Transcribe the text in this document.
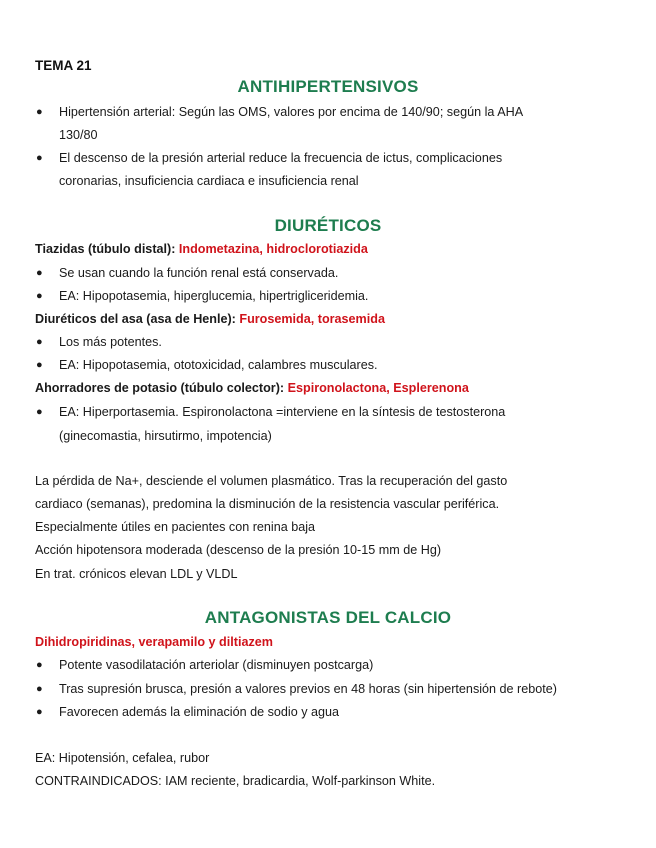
TEMA 21
ANTIHIPERTENSIVOS
● Hipertensión arterial: Según las OMS, valores por encima de 140/90; según la AHA
130/80
● El descenso de la presión arterial reduce la frecuencia de ictus, complicaciones
coronarias, insuficiencia cardiaca e insuficiencia renal
DIURÉTICOS
Tiazidas (túbulo distal): Indometazina, hidroclorotiazida
● Se usan cuando la función renal está conservada.
● EA: Hipopotasemia, hiperglucemia, hipertrigliceridemia.
Diuréticos del asa (asa de Henle): Furosemida, torasemida
● Los más potentes.
● EA: Hipopotasemia, ototoxicidad, calambres musculares.
Ahorradores de potasio (túbulo colector): Espironolactona, Esplerenona
● EA: Hiperportasemia. Espironolactona =interviene en la síntesis de testosterona
(ginecomastia, hirsutirmo, impotencia)
La pérdida de Na+, desciende el volumen plasmático. Tras la recuperación del gasto
cardiaco (semanas), predomina la disminución de la resistencia vascular periférica.
Especialmente útiles en pacientes con renina baja
Acción hipotensora moderada (descenso de la presión 10-15 mm de Hg)
En trat. crónicos elevan LDL y VLDL
ANTAGONISTAS DEL CALCIO
Dihidropiridinas, verapamilo y diltiazem
● Potente vasodilatación arteriolar (disminuyen postcarga)
● Tras supresión brusca, presión a valores previos en 48 horas (sin hipertensión de rebote)
● Favorecen además la eliminación de sodio y agua
EA: Hipotensión, cefalea, rubor
CONTRAINDICADOS: IAM reciente, bradicardia, Wolf-parkinson White.
